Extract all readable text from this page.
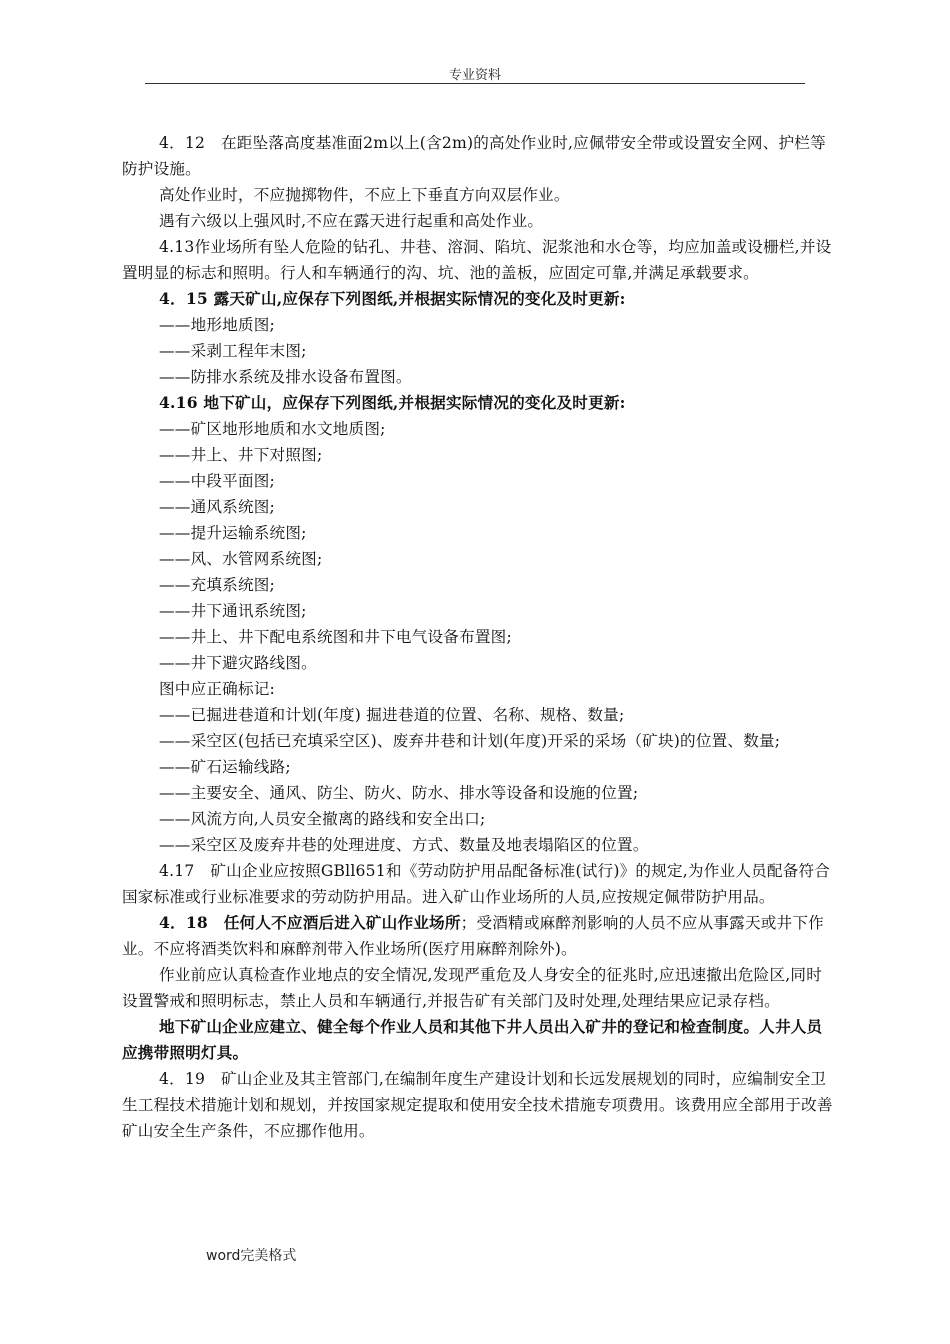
专业资料

4．12　在距坠落高度基准面2m以上(含2m)的高处作业时,应佩带安全带或设置安全网、护栏等防护设施。

高处作业时，不应抛掷物件，不应上下垂直方向双层作业。

遇有六级以上强风时,不应在露天进行起重和高处作业。

4.13作业场所有坠人危险的钻孔、井巷、溶洞、陷坑、泥浆池和水仓等，均应加盖或设栅栏,并设置明显的标志和照明。行人和车辆通行的沟、坑、池的盖板，应固定可靠,并满足承载要求。

4．15 露天矿山,应保存下列图纸,并根据实际情况的变化及时更新:

——地形地质图;

——采剥工程年末图;

——防排水系统及排水设备布置图。

4.16 地下矿山，应保存下列图纸,并根据实际情况的变化及时更新:

——矿区地形地质和水文地质图;

——井上、井下对照图;

——中段平面图;

——通风系统图;

——提升运输系统图;

——风、水管网系统图;

——充填系统图;

——井下通讯系统图;

——井上、井下配电系统图和井下电气设备布置图;

——井下避灾路线图。

图中应正确标记:

——已掘进巷道和计划(年度) 掘进巷道的位置、名称、规格、数量;

——采空区(包括已充填采空区)、废弃井巷和计划(年度)开采的采场（矿块)的位置、数量;

——矿石运输线路;

——主要安全、通风、防尘、防火、防水、排水等设备和设施的位置;

——风流方向,人员安全撤离的路线和安全出口;

——采空区及废弃井巷的处理进度、方式、数量及地表塌陷区的位置。

4.17　矿山企业应按照GBll651和《劳动防护用品配备标准(试行)》的规定,为作业人员配备符合国家标准或行业标准要求的劳动防护用品。进入矿山作业场所的人员,应按规定佩带防护用品。

4．18　任何人不应酒后进入矿山作业场所；受酒精或麻醉剂影响的人员不应从事露天或井下作业。不应将酒类饮料和麻醉剂带入作业场所(医疗用麻醉剂除外)。

作业前应认真检查作业地点的安全情况,发现严重危及人身安全的征兆时,应迅速撤出危险区,同时设置警戒和照明标志，禁止人员和车辆通行,并报告矿有关部门及时处理,处理结果应记录存档。

地下矿山企业应建立、健全每个作业人员和其他下井人员出入矿井的登记和检查制度。人井人员应携带照明灯具。

4．19　矿山企业及其主管部门,在编制年度生产建设计划和长远发展规划的同时，应编制安全卫生工程技术措施计划和规划，并按国家规定提取和使用安全技术措施专项费用。该费用应全部用于改善矿山安全生产条件，不应挪作他用。

word完美格式
